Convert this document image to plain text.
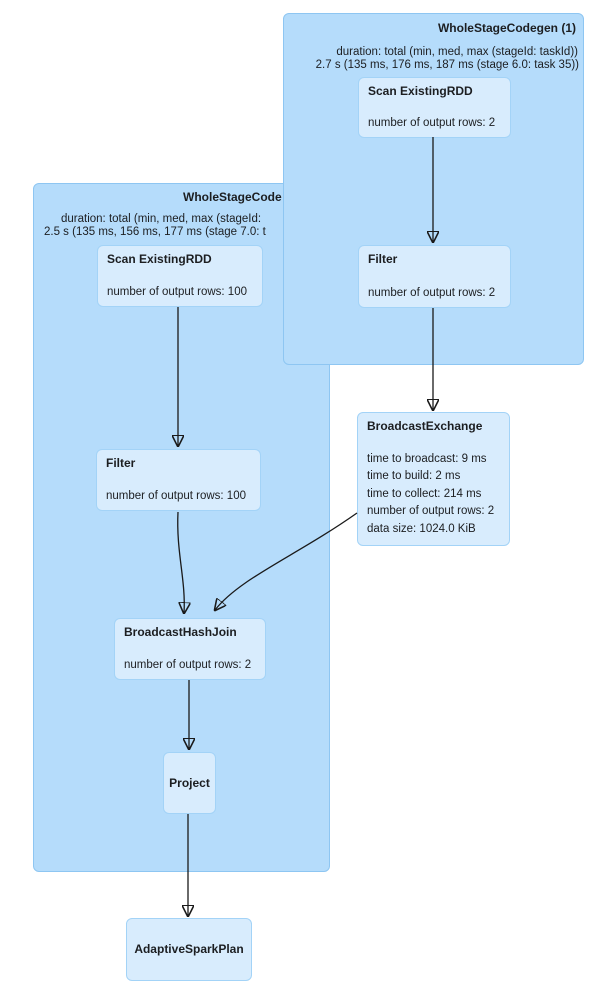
WholeStageCode
duration: total (min, med, max (stageId:
2.5 s (135 ms, 156 ms, 177 ms (stage 7.0: t
Scan ExistingRDD
number of output rows: 100
Filter
number of output rows: 100
BroadcastHashJoin
number of output rows: 2
Project
WholeStageCodegen (1)
duration: total (min, med, max (stageId: taskId))
2.7 s (135 ms, 176 ms, 187 ms (stage 6.0: task 35))
Scan ExistingRDD
number of output rows: 2
Filter
number of output rows: 2
BroadcastExchange
time to broadcast: 9 ms
time to build: 2 ms
time to collect: 214 ms
number of output rows: 2
data size: 1024.0 KiB
AdaptiveSparkPlan
